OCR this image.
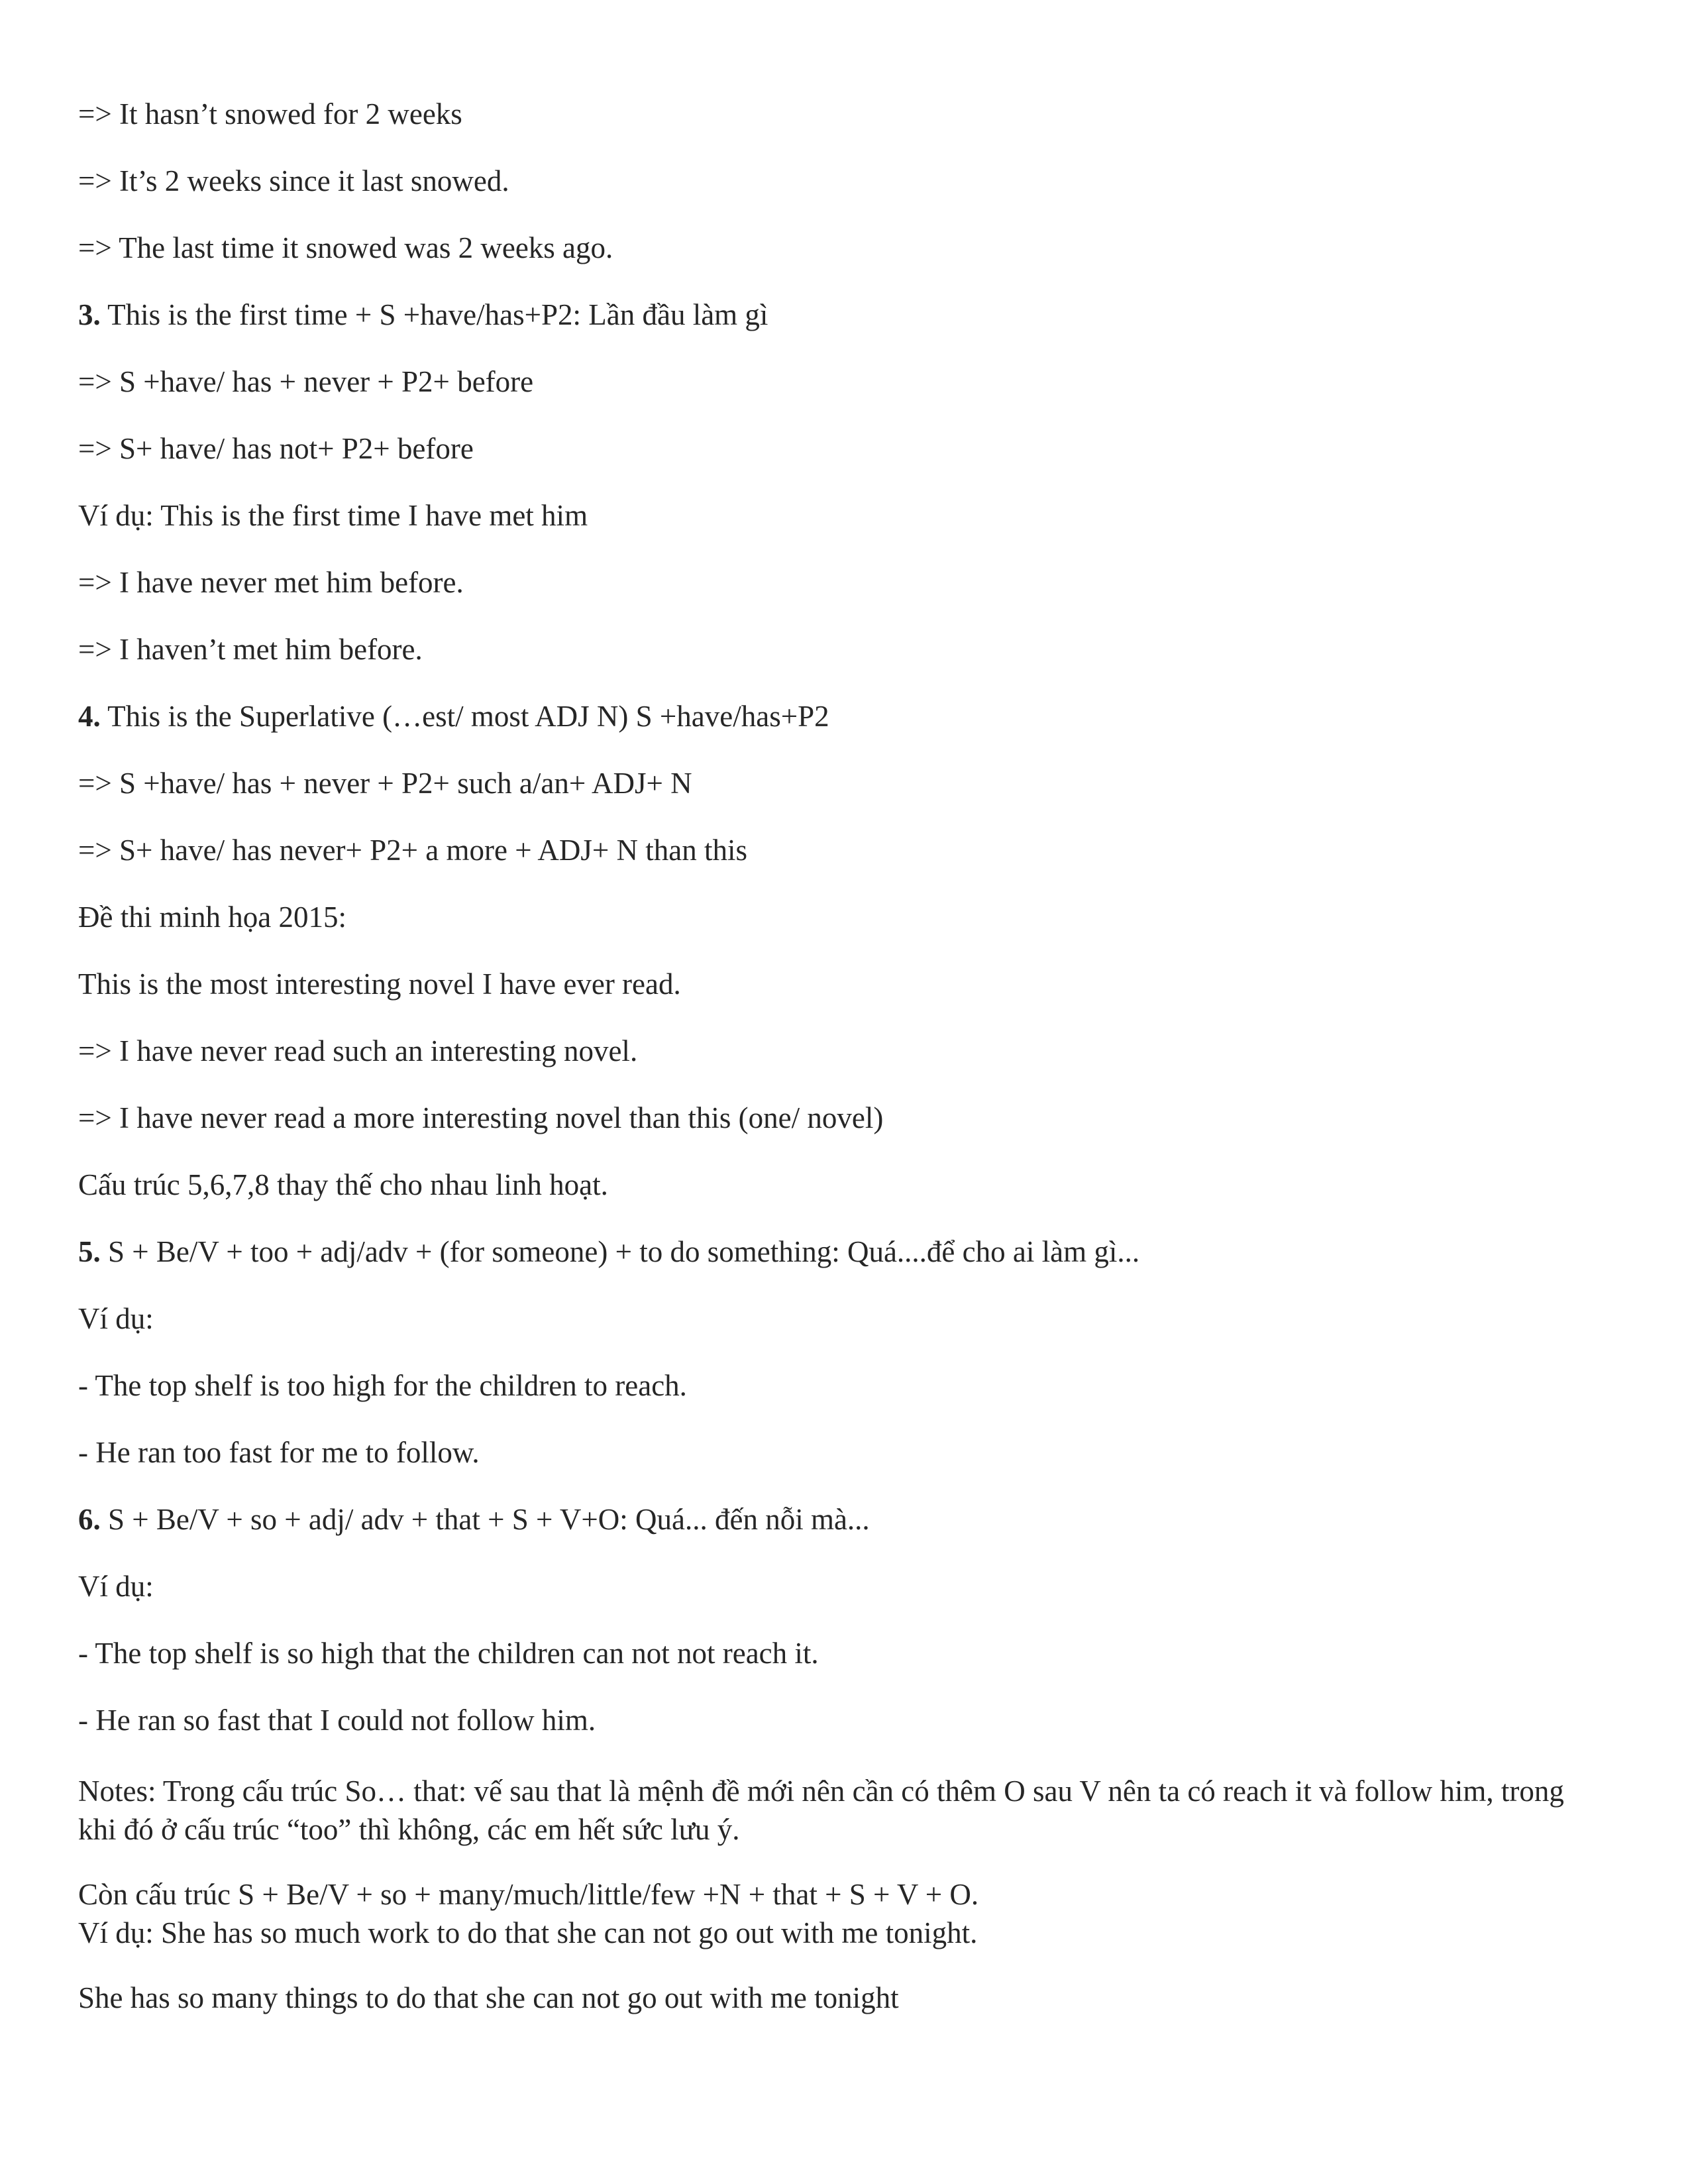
=> It hasn’t snowed for 2 weeks
=> It’s 2 weeks since it last snowed.
=> The last time it snowed was 2 weeks ago.
3. This is the first time + S +have/has+P2: Lần đầu làm gì
=> S +have/ has + never + P2+ before
=> S+ have/ has not+ P2+ before
Ví dụ: This is the first time I have met him
=> I have never met him before.
=> I haven’t met him before.
4. This is the Superlative (…est/ most ADJ N) S +have/has+P2
=> S +have/ has + never + P2+ such a/an+ ADJ+ N
=> S+ have/ has never+ P2+ a more + ADJ+ N than this
Đề thi minh họa 2015:
This is the most interesting novel I have ever read.
=> I have never read such an interesting novel.
=> I have never read a more interesting novel than this (one/ novel)
Cấu trúc 5,6,7,8 thay thế cho nhau linh hoạt.
5. S + Be/V + too + adj/adv + (for someone) + to do something: Quá....để cho ai làm gì...
Ví dụ:
- The top shelf is too high for the children to reach.
- He ran too fast for me to follow.
6. S + Be/V + so + adj/ adv + that + S + V+O: Quá... đến nỗi mà...
Ví dụ:
- The top shelf is so high that the children can not not reach it.
- He ran so fast that I could not follow him.

Notes: Trong cấu trúc So… that: vế sau that là mệnh đề mới nên cần có thêm O sau V nên ta có reach it và follow him, trong khi đó ở cấu trúc “too” thì không, các em hết sức lưu ý.

Còn cấu trúc S + Be/V + so + many/much/little/few +N + that + S + V + O.
Ví dụ: She has so much work to do that she can not go out with me tonight.

She has so many things to do that she can not go out with me tonight
